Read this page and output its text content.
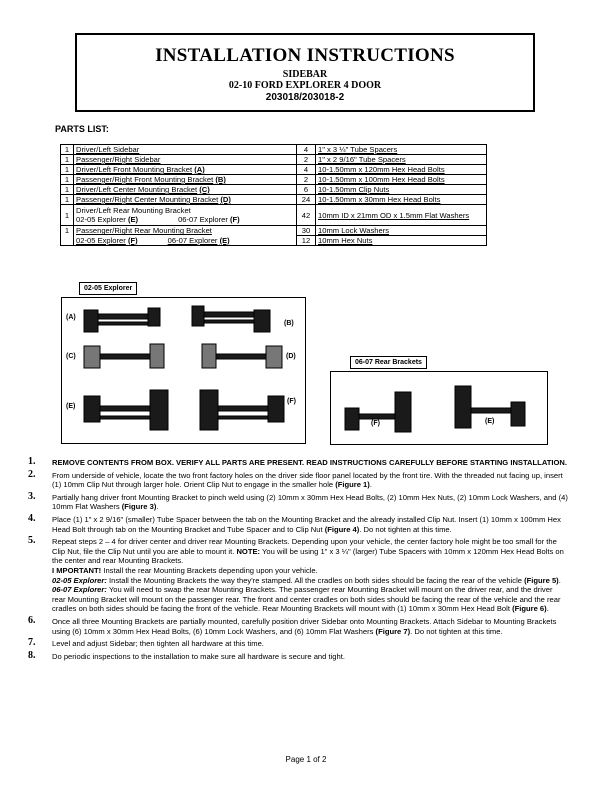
INSTALLATION INSTRUCTIONS
SIDEBAR
02-10 FORD EXPLORER 4 DOOR
203018/203018-2
PARTS LIST:
1	Driver/Left Sidebar	4	1" x 3 ¼" Tube Spacers
1	Passenger/Right Sidebar	2	1" x 2 9/16" Tube Spacers
1	Driver/Left Front Mounting Bracket (A)	4	10-1.50mm x 120mm Hex Head Bolts
1	Passenger/Right Front Mounting Bracket (B)	2	10-1.50mm x 100mm Hex Head Bolts
1	Driver/Left Center Mounting Bracket (C)	6	10-1.50mm Clip Nuts
1	Passenger/Right Center Mounting Bracket (D)	24	10-1.50mm x 30mm Hex Head Bolts
1	Driver/Left Rear Mounting Bracket
02-05 Explorer (E) 06-07 Explorer (F)	42	10mm ID x 21mm OD x 1.5mm Flat Washers
1	Passenger/Right Rear Mounting Bracket	30	10mm Lock Washers
	02-05 Explorer (F) 06-07 Explorer (E)	12	10mm Hex Nuts
(A)
(B)
(C)	(D)
(E)
(F)
02-05 Explorer
(F)	(E)
06-07 Rear Brackets
1. REMOVE CONTENTS FROM BOX. VERIFY ALL PARTS ARE PRESENT. READ INSTRUCTIONS CAREFULLY BEFORE STARTING INSTALLATION.
2. From underside of vehicle, locate the two front factory holes on the driver side floor panel located by the front tire. With the threaded nut facing up, insert (1) 10mm Clip Nut through larger hole. Orient Clip Nut to engage in the smaller hole (Figure 1).
3. Partially hang driver front Mounting Bracket to pinch weld using (2) 10mm x 30mm Hex Head Bolts, (2) 10mm Hex Nuts, (2) 10mm Lock Washers, and (4) 10mm Flat Washers (Figure 3).
4. Place (1) 1" x 2 9/16" (smaller) Tube Spacer between the tab on the Mounting Bracket and the already installed Clip Nut. Insert (1) 10mm x 100mm Hex Head Bolt through tab on the Mounting Bracket and Tube Spacer and to Clip Nut (Figure 4). Do not tighten at this time.
5. Repeat steps 2 – 4 for driver center and driver rear Mounting Brackets. Depending upon your vehicle, the center factory hole might be too small for the Clip Nut, file the Clip Nut until you are able to mount it. NOTE: You will be using 1" x 3 ¼" (larger) Tube Spacers with 10mm x 120mm Hex Head Bolts on the center and rear Mounting Brackets.
I MPORTANT! Install the rear Mounting Brackets depending upon your vehicle.
02-05 Explorer: Install the Mounting Brackets the way they're stamped. All the cradles on both sides should be facing the rear of the vehicle (Figure 5).
06-07 Explorer: You will need to swap the rear Mounting Brackets. The passenger rear Mounting Bracket will mount on the driver rear, and the driver rear Mounting Bracket will mount on the passenger rear. The front and center cradles on both sides should be facing the rear of the vehicle and the rear cradles on both sides should be facing the front of the vehicle. Rear Mounting Brackets will mount with (1) 10mm x 30mm Hex Head Bolt (Figure 6).
6. Once all three Mounting Brackets are partially mounted, carefully position driver Sidebar onto Mounting Brackets. Attach Sidebar to Mounting Brackets using (6) 10mm x 30mm Hex Head Bolts, (6) 10mm Lock Washers, and (6) 10mm Flat Washers (Figure 7). Do not tighten at this time.
7. Level and adjust Sidebar; then tighten all hardware at this time.
8. Do periodic inspections to the installation to make sure all hardware is secure and tight.
Page 1 of 2
